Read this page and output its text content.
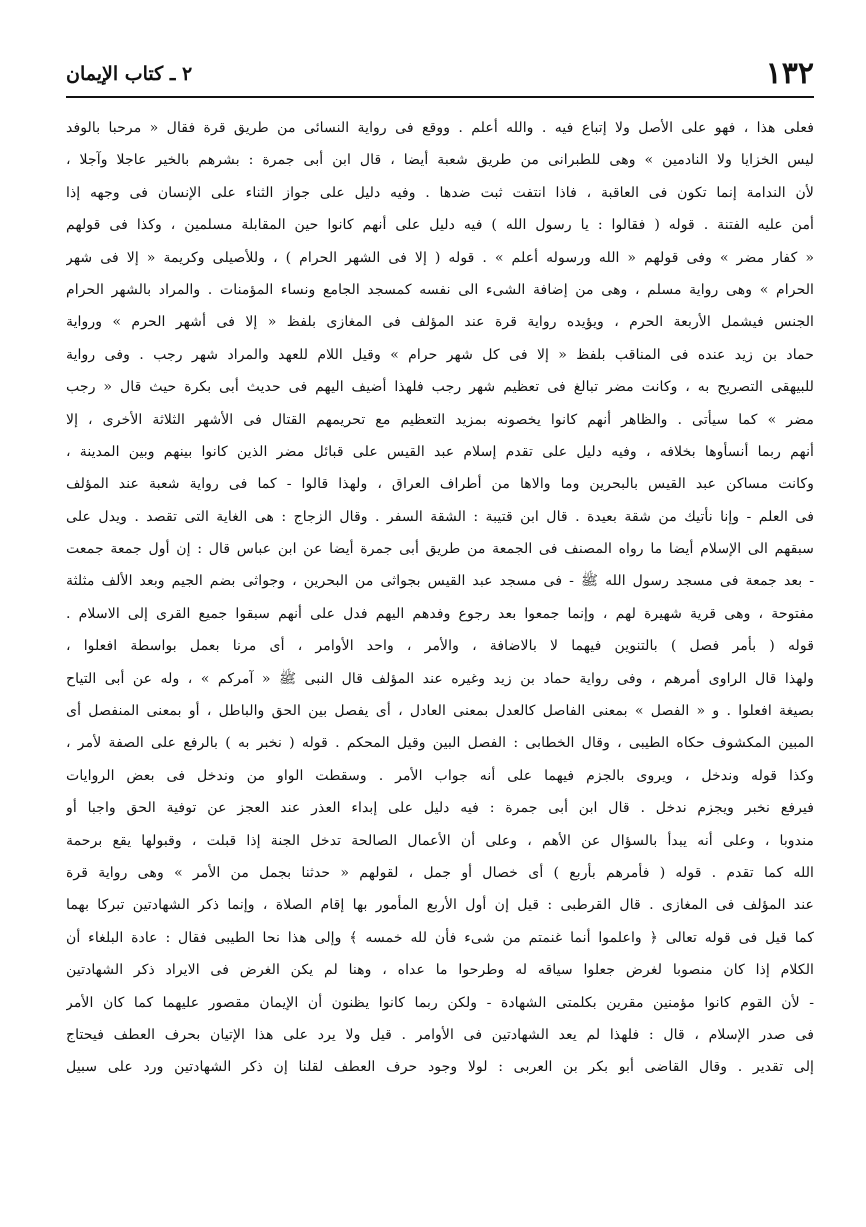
١٣٢
٢ ـ كتاب الإيمان
فعلى هذا ، فهو على الأصل ولا إتباع فيه . والله أعلم . ووقع فى رواية النسائى من طريق قرة فقال « مرحبا بالوفد
ليس الخزايا ولا النادمين » وهى للطبرانى من طريق شعبة أيضا ، قال ابن أبى جمرة : بشرهم بالخير عاجلا وآجلا ،
لأن الندامة إنما تكون فى العاقبة ، فاذا انتفت ثبت ضدها . وفيه دليل على جواز الثناء على الإنسان فى وجهه إذا
أمن عليه الفتنة . قوله ( فقالوا : يا رسول الله ) فيه دليل على أنهم كانوا حين المقابلة مسلمين ، وكذا فى قولهم
« كفار مضر » وفى قولهم « الله ورسوله أعلم » . قوله ( إلا فى الشهر الحرام ) ، وللأصيلى وكريمة « إلا فى شهر
الحرام » وهى رواية مسلم ، وهى من إضافة الشىء الى نفسه كمسجد الجامع ونساء المؤمنات . والمراد بالشهر الحرام
الجنس فيشمل الأربعة الحرم ، ويؤيده رواية قرة عند المؤلف فى المغازى بلفظ « إلا فى أشهر الحرم » ورواية
حماد بن زيد عنده فى المناقب بلفظ « إلا فى كل شهر حرام » وقيل اللام للعهد والمراد شهر رجب . وفى رواية
للبيهقى التصريح به ، وكانت مضر تبالغ فى تعظيم شهر رجب فلهذا أضيف اليهم فى حديث أبى بكرة حيث قال « رجب
مضر » كما سيأتى . والظاهر أنهم كانوا يخصونه بمزيد التعظيم مع تحريمهم القتال فى الأشهر الثلاثة الأخرى ، إلا
أنهم ربما أنسأوها بخلافه ، وفيه دليل على تقدم إسلام عبد القيس على قبائل مضر الذين كانوا بينهم وبين المدينة ،
وكانت مساكن عبد القيس بالبحرين وما والاها من أطراف العراق ، ولهذا قالوا - كما فى رواية شعبة عند المؤلف
فى العلم - وإنا نأتيك من شقة بعيدة . قال ابن قتيبة : الشقة السفر . وقال الزجاج : هى الغاية التى تقصد . ويدل على
سبقهم الى الإسلام أيضا ما رواه المصنف فى الجمعة من طريق أبى جمرة أيضا عن ابن عباس قال : إن أول جمعة جمعت
- بعد جمعة فى مسجد رسول الله ﷺ - فى مسجد عبد القيس بجواثى من البحرين ، وجواثى بضم الجيم وبعد الألف مثلثة
مفتوحة ، وهى قرية شهيرة لهم ، وإنما جمعوا بعد رجوع وفدهم اليهم فدل على أنهم سبقوا جميع القرى إلى الاسلام .
قوله ( بأمر فصل ) بالتنوين فيهما لا بالاضافة ، والأمر ، واحد الأوامر ، أى مرنا بعمل بواسطة افعلوا ،
ولهذا قال الراوى أمرهم ، وفى رواية حماد بن زيد وغيره عند المؤلف قال النبى ﷺ « آمركم » ، وله عن أبى التياح
بصيغة افعلوا . و « الفصل » بمعنى الفاصل كالعدل بمعنى العادل ، أى يفصل بين الحق والباطل ، أو بمعنى المنفصل أى
المبين المكشوف حكاه الطيبى ، وقال الخطابى : الفصل البين وقيل المحكم . قوله ( نخبر به ) بالرفع على الصفة لأمر ،
وكذا قوله وندخل ، ويروى بالجزم فيهما على أنه جواب الأمر . وسقطت الواو من وندخل فى بعض الروايات
فيرفع نخبر ويجزم ندخل . قال ابن أبى جمرة : فيه دليل على إبداء العذر عند العجز عن توفية الحق واجبا أو
مندوبا ، وعلى أنه يبدأ بالسؤال عن الأهم ، وعلى أن الأعمال الصالحة تدخل الجنة إذا قبلت ، وقبولها يقع برحمة
الله كما تقدم . قوله ( فأمرهم بأربع ) أى خصال أو جمل ، لقولهم « حدثنا بجمل من الأمر » وهى رواية قرة
عند المؤلف فى المغازى . قال القرطبى : قيل إن أول الأربع المأمور بها إقام الصلاة ، وإنما ذكر الشهادتين تبركا بهما
كما قيل فى قوله تعالى ﴿ واعلموا أنما غنمتم من شىء فأن لله خمسه ﴾ وإلى هذا نحا الطيبى فقال : عادة البلغاء أن
الكلام إذا كان منصوبا لغرض جعلوا سياقه له وطرحوا ما عداه ، وهنا لم يكن الغرض فى الايراد ذكر الشهادتين
- لأن القوم كانوا مؤمنين مقرين بكلمتى الشهادة - ولكن ربما كانوا يظنون أن الإيمان مقصور عليهما كما كان الأمر
فى صدر الإسلام ، قال : فلهذا لم يعد الشهادتين فى الأوامر . قيل ولا يرد على هذا الإتيان بحرف العطف فيحتاج
إلى تقدير . وقال القاضى أبو بكر بن العربى : لولا وجود حرف العطف لقلنا إن ذكر الشهادتين ورد على سبيل
